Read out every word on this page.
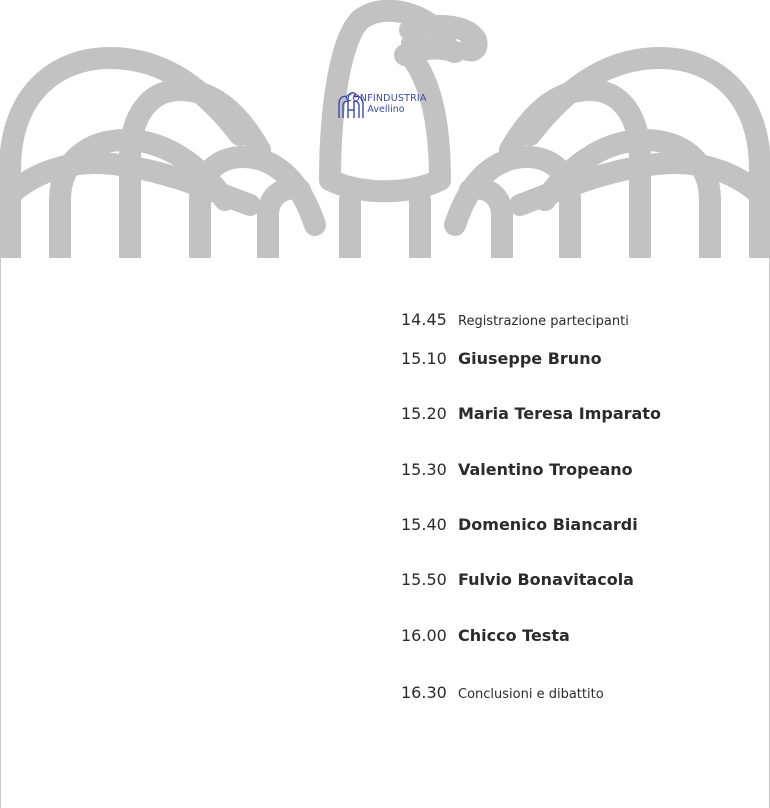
CONFINDUSTRIA
Avellino
14.45 Registrazione partecipanti
15.10 Giuseppe Bruno
15.20 Maria Teresa Imparato
15.30 Valentino Tropeano
15.40 Domenico Biancardi
15.50 Fulvio Bonavitacola
16.00 Chicco Testa
16.30 Conclusioni e dibattito
